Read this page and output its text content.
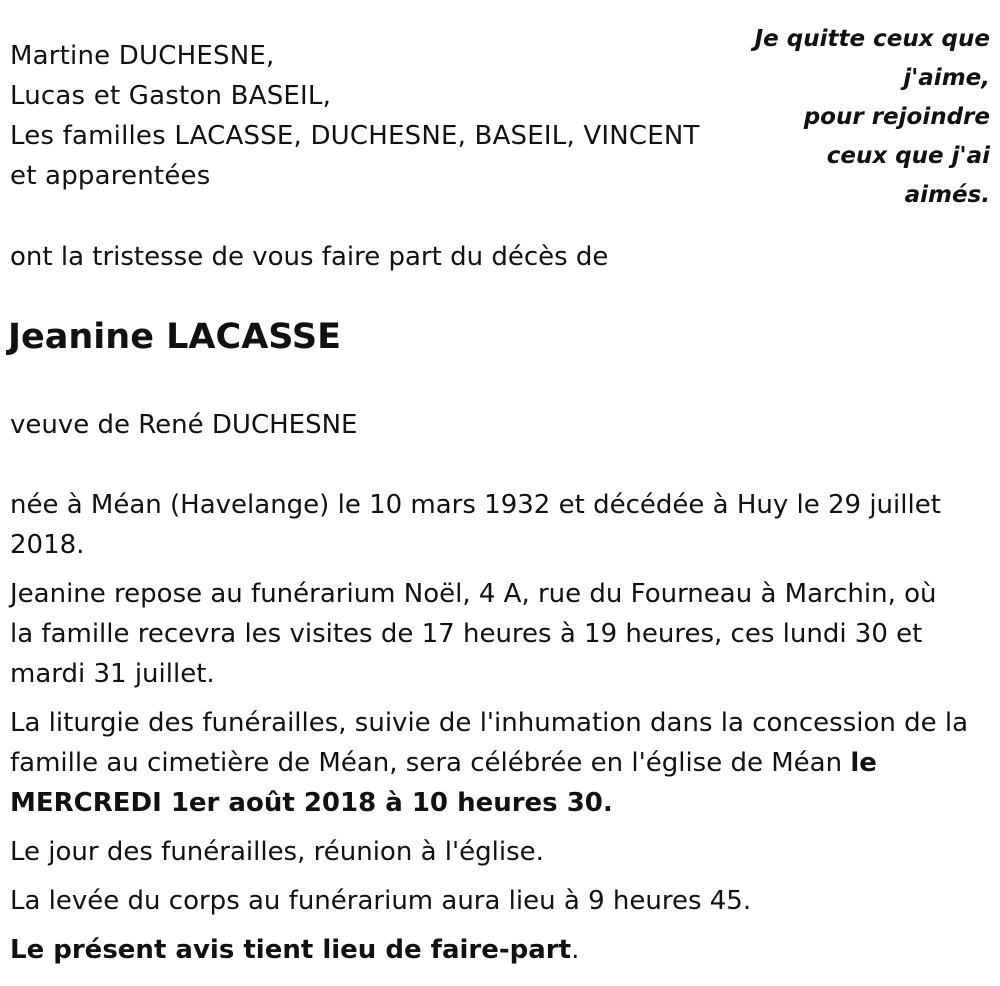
Martine DUCHESNE,
Lucas et Gaston BASEIL,
Les familles LACASSE, DUCHESNE, BASEIL, VINCENT
et apparentées
Je quitte ceux que
j'aime,
pour rejoindre
ceux que j'ai
aimés.
ont la tristesse de vous faire part du décès de
Jeanine LACASSE
veuve de René DUCHESNE

née à Méan (Havelange) le 10 mars 1932 et décédée à Huy le 29 juillet
2018.

Jeanine repose au funérarium Noël, 4 A, rue du Fourneau à Marchin, où
la famille recevra les visites de 17 heures à 19 heures, ces lundi 30 et
mardi 31 juillet.

La liturgie des funérailles, suivie de l'inhumation dans la concession de la
famille au cimetière de Méan, sera célébrée en l'église de Méan le
MERCREDI 1er août 2018 à 10 heures 30.

Le jour des funérailles, réunion à l'église.

La levée du corps au funérarium aura lieu à 9 heures 45.

Le présent avis tient lieu de faire-part.
